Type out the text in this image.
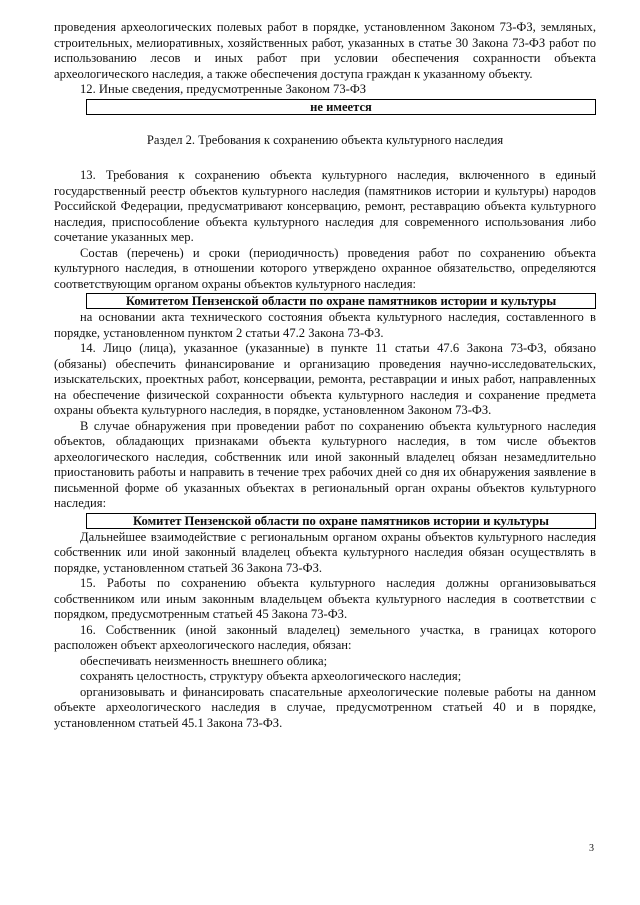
проведения археологических полевых работ в порядке, установленном Законом 73-ФЗ, земляных, строительных, мелиоративных, хозяйственных работ, указанных в статье 30 Закона 73-ФЗ работ по использованию лесов и иных работ при условии обеспечения сохранности объекта археологического наследия, а также обеспечения доступа граждан к указанному объекту.

12. Иные сведения, предусмотренные Законом 73-ФЗ

не имеется
Раздел 2. Требования к сохранению объекта культурного наследия

13. Требования к сохранению объекта культурного наследия, включенного в единый государственный реестр объектов культурного наследия (памятников истории и культуры) народов Российской Федерации, предусматривают консервацию, ремонт, реставрацию объекта культурного наследия, приспособление объекта культурного наследия для современного использования либо сочетание указанных мер.

Состав (перечень) и сроки (периодичность) проведения работ по сохранению объекта культурного наследия, в отношении которого утверждено охранное обязательство, определяются соответствующим органом охраны объектов культурного наследия:

Комитетом Пензенской области по охране памятников истории и культуры

на основании акта технического состояния объекта культурного наследия, составленного в порядке, установленном пунктом 2 статьи 47.2 Закона 73-ФЗ.

14. Лицо (лица), указанное (указанные) в пункте 11 статьи 47.6 Закона 73-ФЗ, обязано (обязаны) обеспечить финансирование и организацию проведения научно-исследовательских, изыскательских, проектных работ, консервации, ремонта, реставрации и иных работ, направленных на обеспечение физической сохранности объекта культурного наследия и сохранение предмета охраны объекта культурного наследия, в порядке, установленном Законом 73-ФЗ.

В случае обнаружения при проведении работ по сохранению объекта культурного наследия объектов, обладающих признаками объекта культурного наследия, в том числе объектов археологического наследия, собственник или иной законный владелец обязан незамедлительно приостановить работы и направить в течение трех рабочих дней со дня их обнаружения заявление в письменной форме об указанных объектах в региональный орган охраны объектов культурного наследия:

Комитет Пензенской области по охране памятников истории и культуры

Дальнейшее взаимодействие с региональным органом охраны объектов культурного наследия собственник или иной законный владелец объекта культурного наследия обязан осуществлять в порядке, установленном статьей 36 Закона 73-ФЗ.

15. Работы по сохранению объекта культурного наследия должны организовываться собственником или иным законным владельцем объекта культурного наследия в соответствии с порядком, предусмотренным статьей 45 Закона 73-ФЗ.

16. Собственник (иной законный владелец) земельного участка, в границах которого расположен объект археологического наследия, обязан:

обеспечивать неизменность внешнего облика;

сохранять целостность, структуру объекта археологического наследия;

организовывать и финансировать спасательные археологические полевые работы на данном объекте археологического наследия в случае, предусмотренном статьей 40 и в порядке, установленном статьей 45.1 Закона 73-ФЗ.

3
